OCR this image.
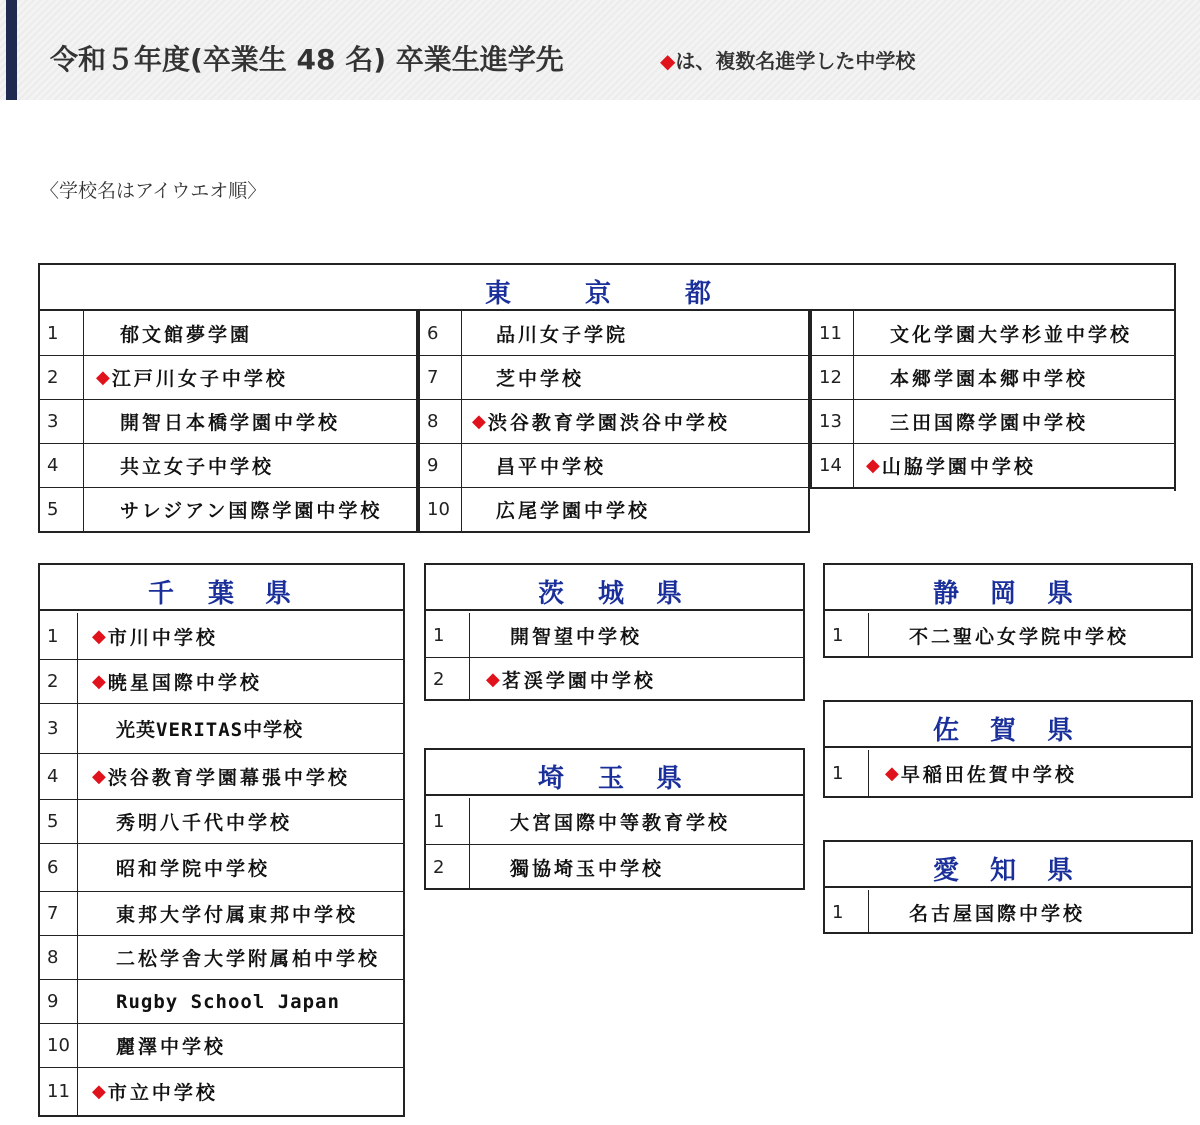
令和５年度(卒業生 48 名) 卒業生進学先	◆は、複数名進学した中学校
〈学校名はアイウエオ順〉
東	京	都
1	郁文館夢学園
2	◆ 江戸川女子中学校
3	開智日本橋学園中学校
4	共立女子中学校
5	サレジアン国際学園中学校
6	品川女子学院
7	芝中学校
8	◆ 渋谷教育学園渋谷中学校
9	昌平中学校
10	広尾学園中学校
11	文化学園大学杉並中学校
12	本郷学園本郷中学校
13	三田国際学園中学校
14	◆ 山脇学園中学校
千 葉 県
1	◆ 市川中学校
2	◆ 暁星国際中学校
3	光英VERITAS中学校
4	◆ 渋谷教育学園幕張中学校
5	秀明八千代中学校
6	昭和学院中学校
7	東邦大学付属東邦中学校
8	二松学舎大学附属柏中学校
9	Rugby School Japan
10	麗澤中学校
11	◆ 市立中学校
茨 城 県
1	開智望中学校
2	◆ 茗渓学園中学校
埼 玉 県
1	大宮国際中等教育学校
2	獨協埼玉中学校
静 岡 県
1	不二聖心女学院中学校
佐 賀 県
1	◆ 早稲田佐賀中学校
愛 知 県
1	名古屋国際中学校
